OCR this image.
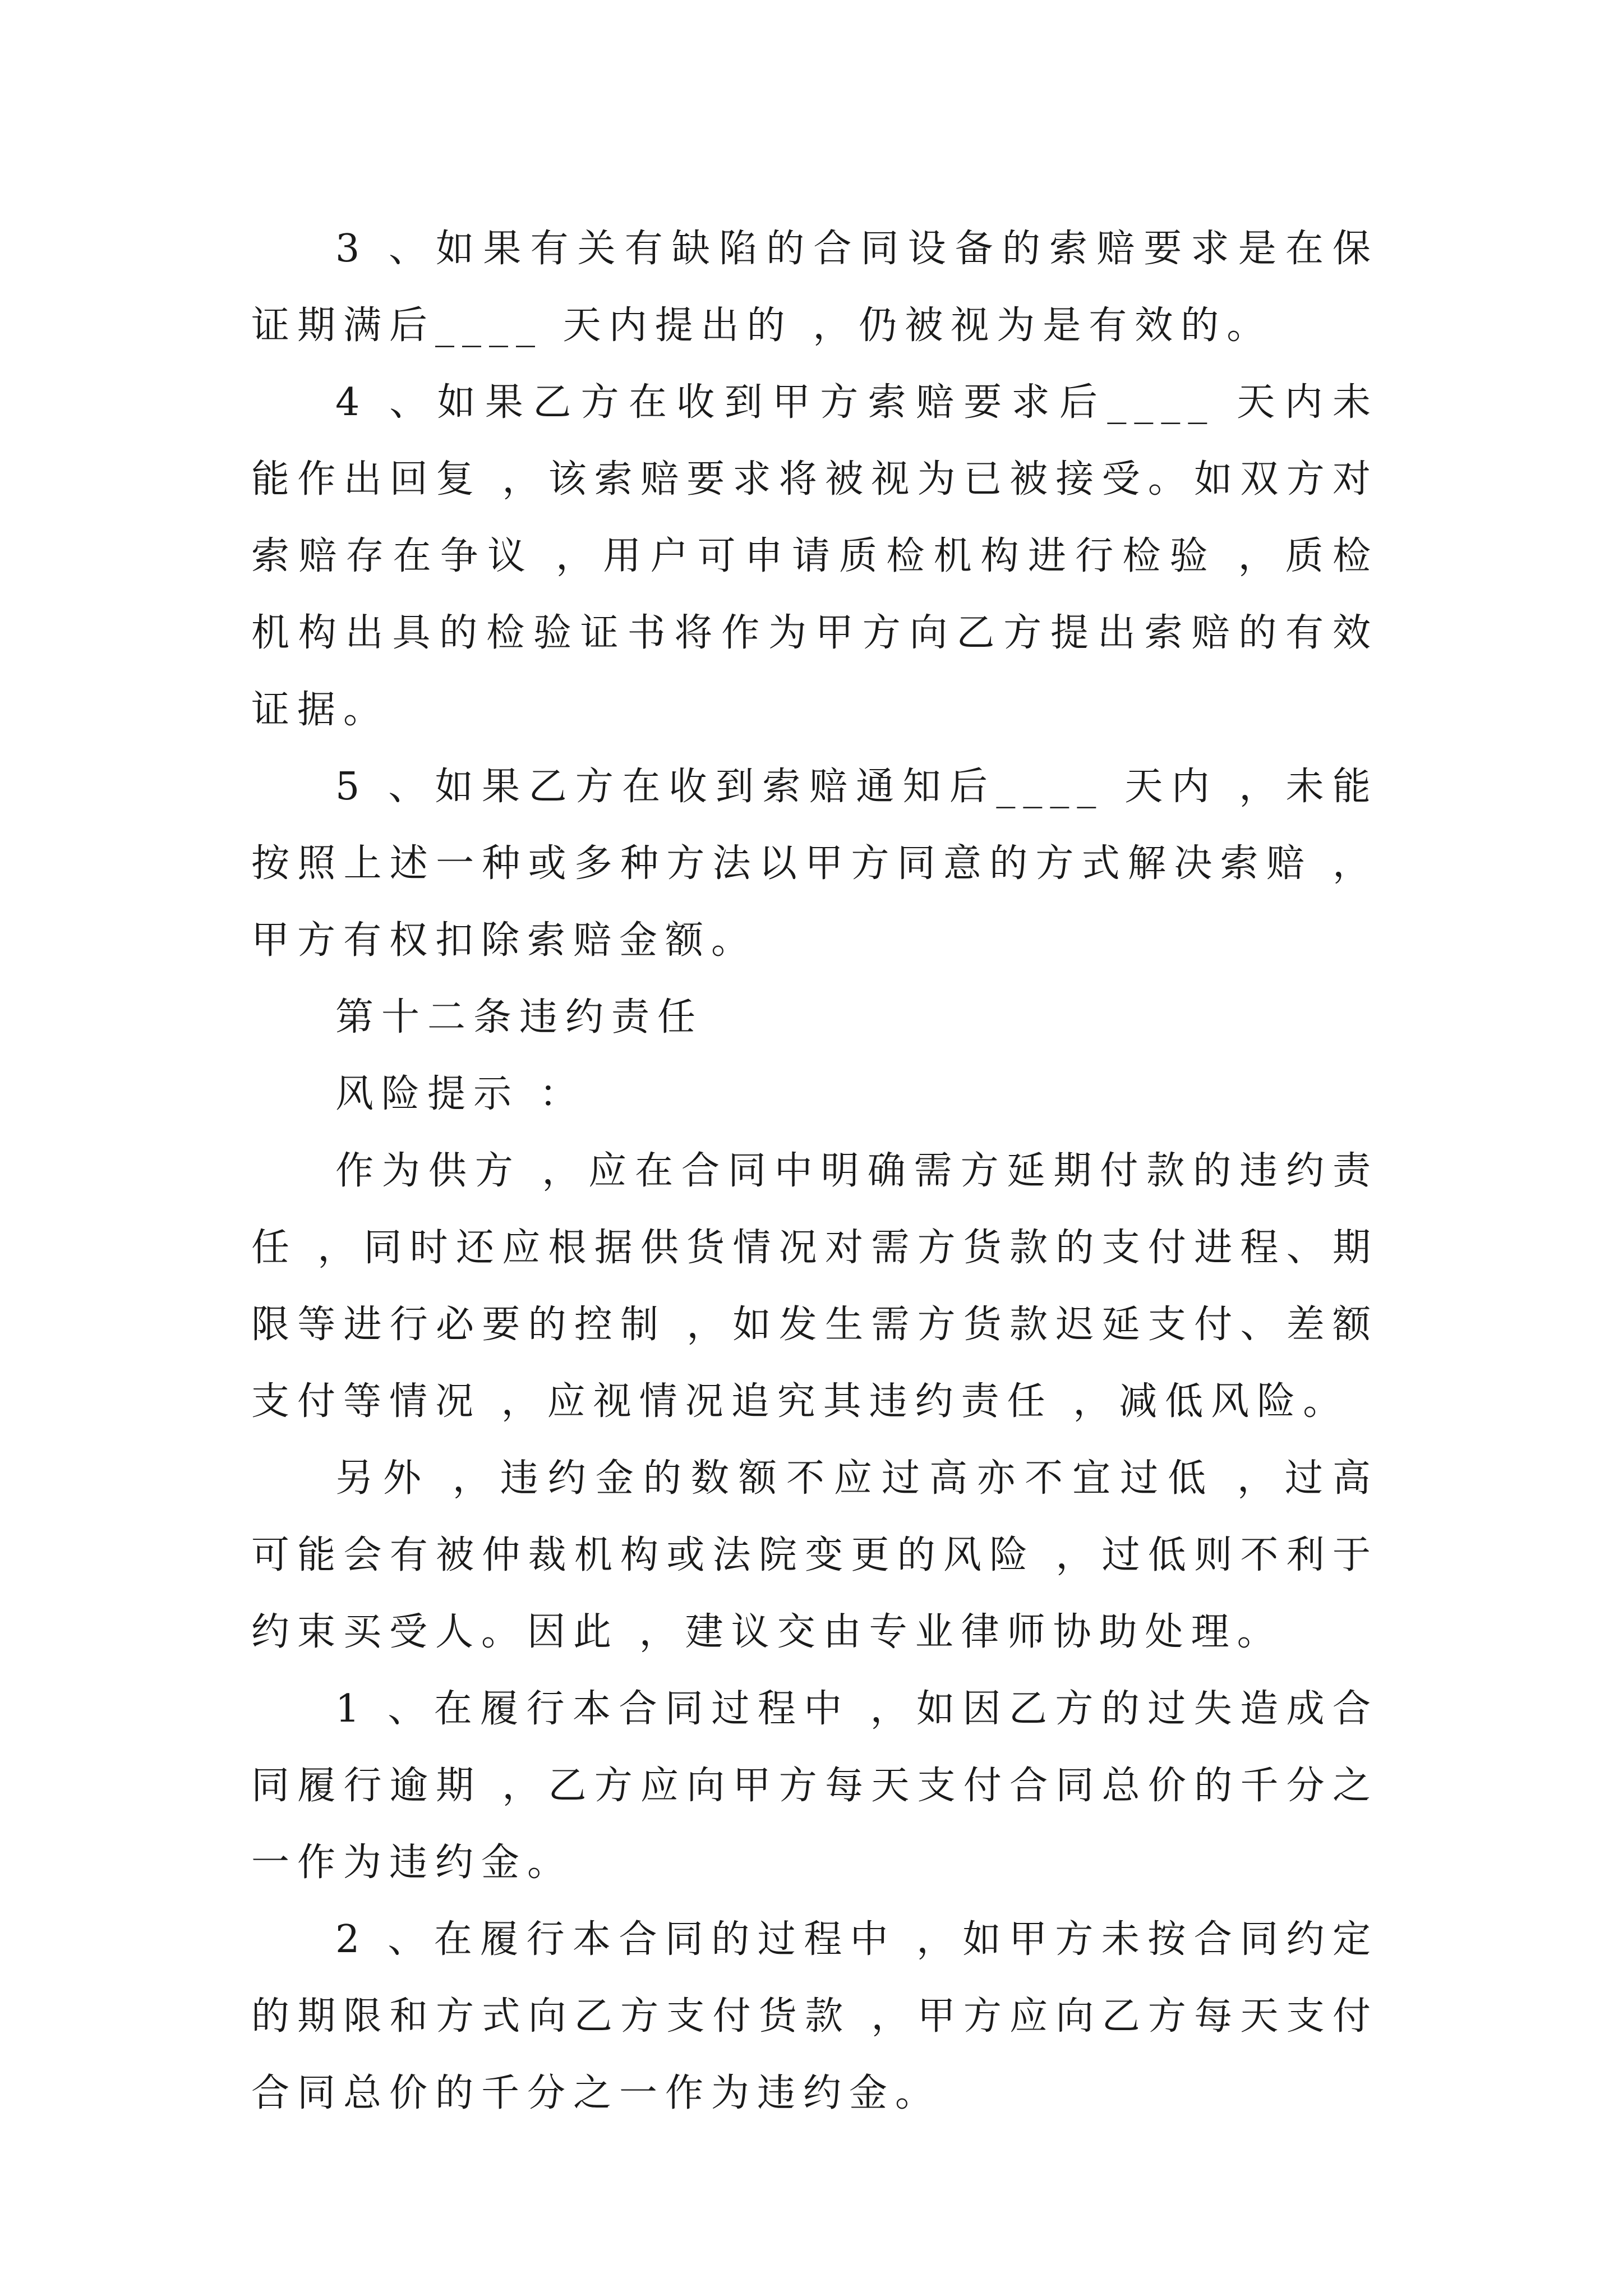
3 、如果有关有缺陷的合同设备的索赔要求是在保证期满后____ 天内提出的 ，仍被视为是有效的。

4 、如果乙方在收到甲方索赔要求后____ 天内未能作出回复 ，该索赔要求将被视为已被接受。如双方对索赔存在争议 ，用户可申请质检机构进行检验 ，质检机构出具的检验证书将作为甲方向乙方提出索赔的有效证据。

5 、如果乙方在收到索赔通知后____ 天内 ，未能按照上述一种或多种方法以甲方同意的方式解决索赔 ，甲方有权扣除索赔金额。

第十二条违约责任

风险提示 ：

作为供方 ，应在合同中明确需方延期付款的违约责任 ，同时还应根据供货情况对需方货款的支付进程、期限等进行必要的控制 ，如发生需方货款迟延支付、差额支付等情况 ，应视情况追究其违约责任 ，减低风险。

另外 ，违约金的数额不应过高亦不宜过低 ，过高可能会有被仲裁机构或法院变更的风险 ，过低则不利于约束买受人。因此 ，建议交由专业律师协助处理。

1 、在履行本合同过程中 ，如因乙方的过失造成合同履行逾期 ，乙方应向甲方每天支付合同总价的千分之一作为违约金。

2 、在履行本合同的过程中 ，如甲方未按合同约定的期限和方式向乙方支付货款 ，甲方应向乙方每天支付合同总价的千分之一作为违约金。
